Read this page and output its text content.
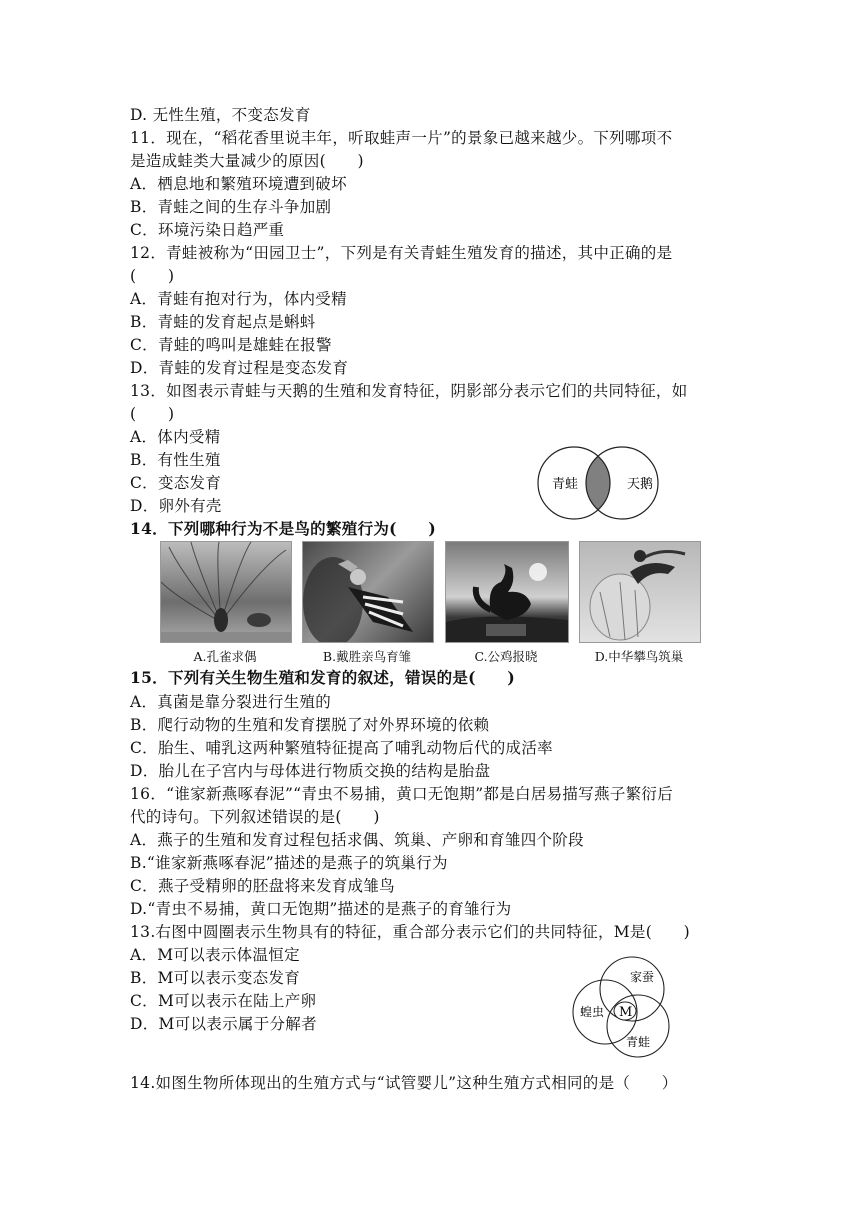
D. 无性生殖，不变态发育
11．现在，“稻花香里说丰年，听取蛙声一片”的景象已越来越少。下列哪项不
是造成蛙类大量减少的原因(　　)
A．栖息地和繁殖环境遭到破坏
B．青蛙之间的生存斗争加剧
C．环境污染日趋严重
12．青蛙被称为“田园卫士”，下列是有关青蛙生殖发育的描述，其中正确的是
(　　)
A．青蛙有抱对行为，体内受精
B．青蛙的发育起点是蝌蚪
C．青蛙的鸣叫是雄蛙在报警
D．青蛙的发育过程是变态发育
13．如图表示青蛙与天鹅的生殖和发育特征，阴影部分表示它们的共同特征，如
(　　)
A．体内受精
B．有性生殖
C．变态发育
D．卵外有壳
14．下列哪种行为不是鸟的繁殖行为(　　)
青蛙	天鹅
A.孔雀求偶	B.戴胜亲鸟育雏	C.公鸡报晓	D.中华攀鸟筑巢
15．下列有关生物生殖和发育的叙述，错误的是(　　)
A．真菌是靠分裂进行生殖的
B．爬行动物的生殖和发育摆脱了对外界环境的依赖
C．胎生、哺乳这两种繁殖特征提高了哺乳动物后代的成活率
D．胎儿在子宫内与母体进行物质交换的结构是胎盘
16．“谁家新燕啄春泥”“青虫不易捕，黄口无饱期”都是白居易描写燕子繁衍后
代的诗句。下列叙述错误的是(　　)
A．燕子的生殖和发育过程包括求偶、筑巢、产卵和育雏四个阶段
B.“谁家新燕啄春泥”描述的是燕子的筑巢行为
C．燕子受精卵的胚盘将来发育成雏鸟
D.“青虫不易捕，黄口无饱期”描述的是燕子的育雏行为
13.右图中圆圈表示生物具有的特征，重合部分表示它们的共同特征，M是(　　)
A．M可以表示体温恒定
B．M可以表示变态发育
C．M可以表示在陆上产卵
D．M可以表示属于分解者
家蚕
蝗虫
青蛙
M
14.如图生物所体现出的生殖方式与“试管婴儿”这种生殖方式相同的是（　　）
